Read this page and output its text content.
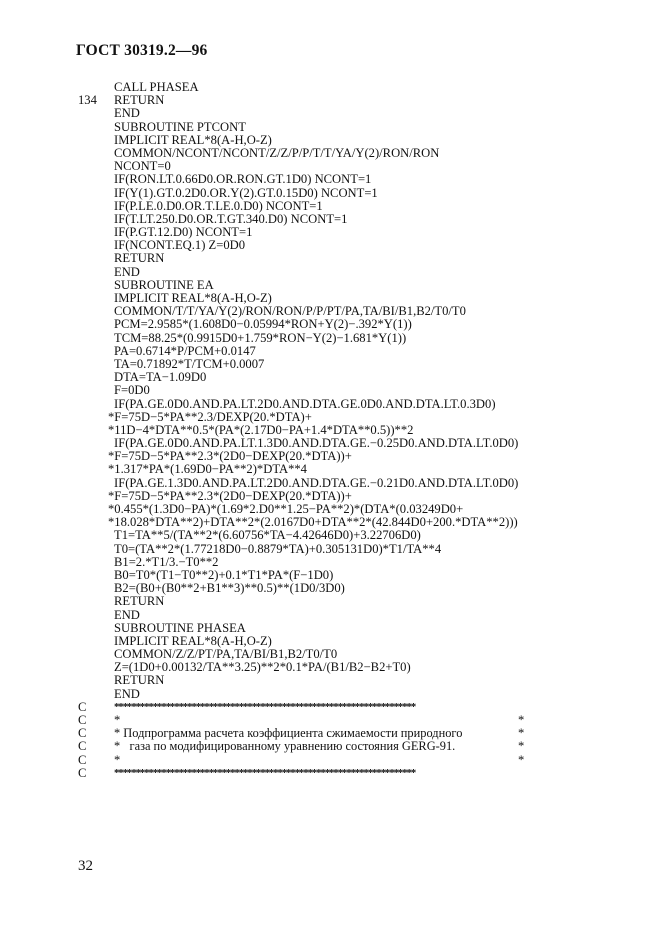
ГОСТ 30319.2—96
CALL PHASEA
134	RETURN
END
SUBROUTINE PTCONT
IMPLICIT REAL*8(A-H,O-Z)
COMMON/NCONT/NCONT/Z/Z/P/P/T/T/YA/Y(2)/RON/RON
NCONT=0
IF(RON.LT.0.66D0.OR.RON.GT.1D0) NCONT=1
IF(Y(1).GT.0.2D0.OR.Y(2).GT.0.15D0) NCONT=1
IF(P.LE.0.D0.OR.T.LE.0.D0) NCONT=1
IF(T.LT.250.D0.OR.T.GT.340.D0) NCONT=1
IF(P.GT.12.D0) NCONT=1
IF(NCONT.EQ.1) Z=0D0
RETURN
END
SUBROUTINE EA
IMPLICIT REAL*8(A-H,O-Z)
COMMON/T/T/YA/Y(2)/RON/RON/P/P/PT/PA,TA/BI/B1,B2/T0/T0
PCM=2.9585*(1.608D0−0.05994*RON+Y(2)−.392*Y(1))
TCM=88.25*(0.9915D0+1.759*RON−Y(2)−1.681*Y(1))
PA=0.6714*P/PCM+0.0147
TA=0.71892*T/TCM+0.0007
DTA=TA−1.09D0
F=0D0
IF(PA.GE.0D0.AND.PA.LT.2D0.AND.DTA.GE.0D0.AND.DTA.LT.0.3D0)
*F=75D−5*PA**2.3/DEXP(20.*DTA)+
*11D−4*DTA**0.5*(PA*(2.17D0−PA+1.4*DTA**0.5))**2
IF(PA.GE.0D0.AND.PA.LT.1.3D0.AND.DTA.GE.−0.25D0.AND.DTA.LT.0D0)
*F=75D−5*PA**2.3*(2D0−DEXP(20.*DTA))+
*1.317*PA*(1.69D0−PA**2)*DTA**4
IF(PA.GE.1.3D0.AND.PA.LT.2D0.AND.DTA.GE.−0.21D0.AND.DTA.LT.0D0)
*F=75D−5*PA**2.3*(2D0−DEXP(20.*DTA))+
*0.455*(1.3D0−PA)*(1.69*2.D0**1.25−PA**2)*(DTA*(0.03249D0+
*18.028*DTA**2)+DTA**2*(2.0167D0+DTA**2*(42.844D0+200.*DTA**2)))
T1=TA**5/(TA**2*(6.60756*TA−4.42646D0)+3.22706D0)
T0=(TA**2*(1.77218D0−0.8879*TA)+0.305131D0)*T1/TA**4
B1=2.*T1/3.−T0**2
B0=T0*(T1−T0**2)+0.1*T1*PA*(F−1D0)
B2=(B0+(B0**2+B1**3)**0.5)**(1D0/3D0)
RETURN
END
SUBROUTINE PHASEA
IMPLICIT REAL*8(A-H,O-Z)
COMMON/Z/Z/PT/PA,TA/BI/B1,B2/T0/T0
Z=(1D0+0.00132/TA**3.25)**2*0.1*PA/(B1/B2−B2+T0)
RETURN
END
C	**********************************************************************
C	*	*
C	* Подпрограмма расчета коэффициента сжимаемости природного	*
C	*   газа по модифицированному уравнению состояния GERG-91.	*
C	*	*
C	**********************************************************************
32
